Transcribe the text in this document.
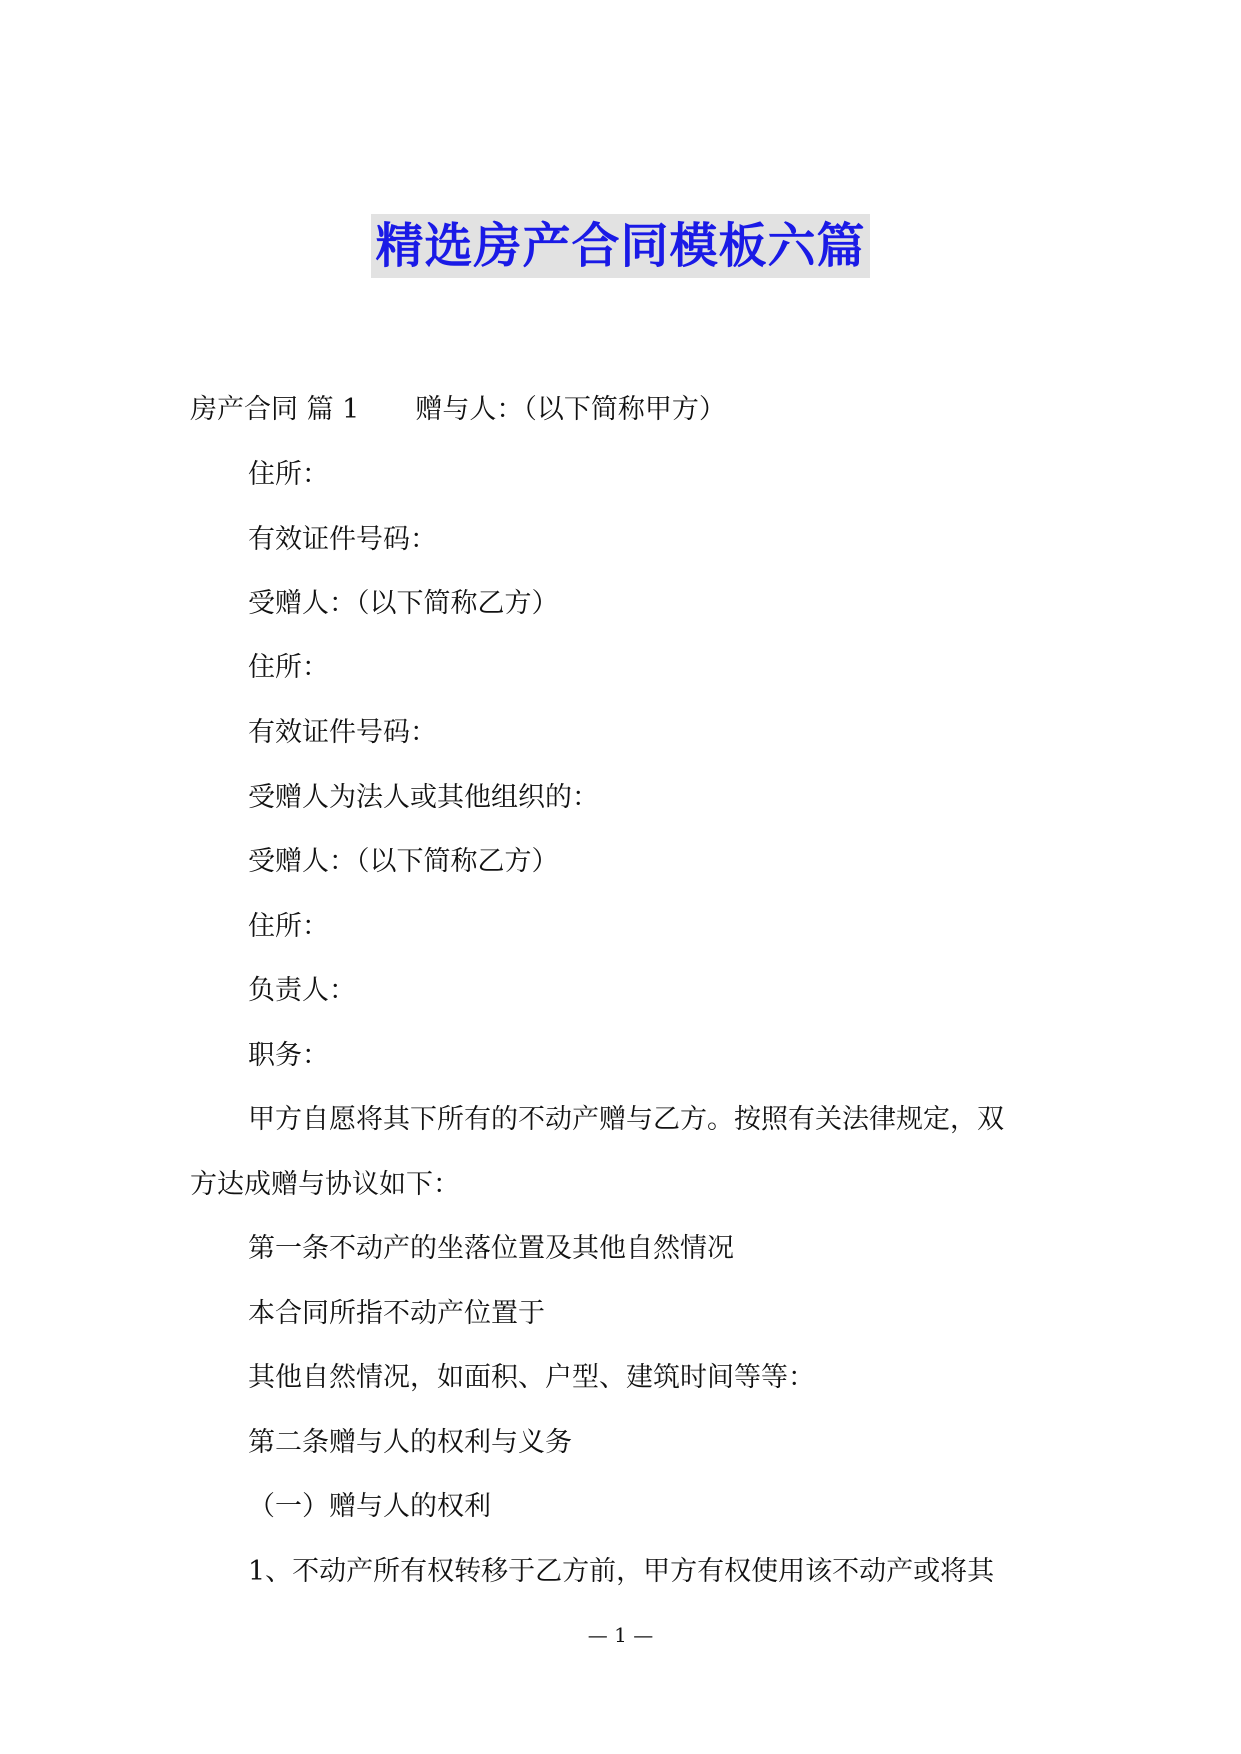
精选房产合同模板六篇
房产合同 篇 1 赠与人：（以下简称甲方）
住所：
有效证件号码：
受赠人：（以下简称乙方）
住所：
有效证件号码：
受赠人为法人或其他组织的：
受赠人：（以下简称乙方）
住所：
负责人：
职务：
甲方自愿将其下所有的不动产赠与乙方。按照有关法律规定，双
方达成赠与协议如下：
第一条不动产的坐落位置及其他自然情况
本合同所指不动产位置于
其他自然情况，如面积、户型、建筑时间等等：
第二条赠与人的权利与义务
（一）赠与人的权利
1、不动产所有权转移于乙方前，甲方有权使用该不动产或将其
— 1 —
